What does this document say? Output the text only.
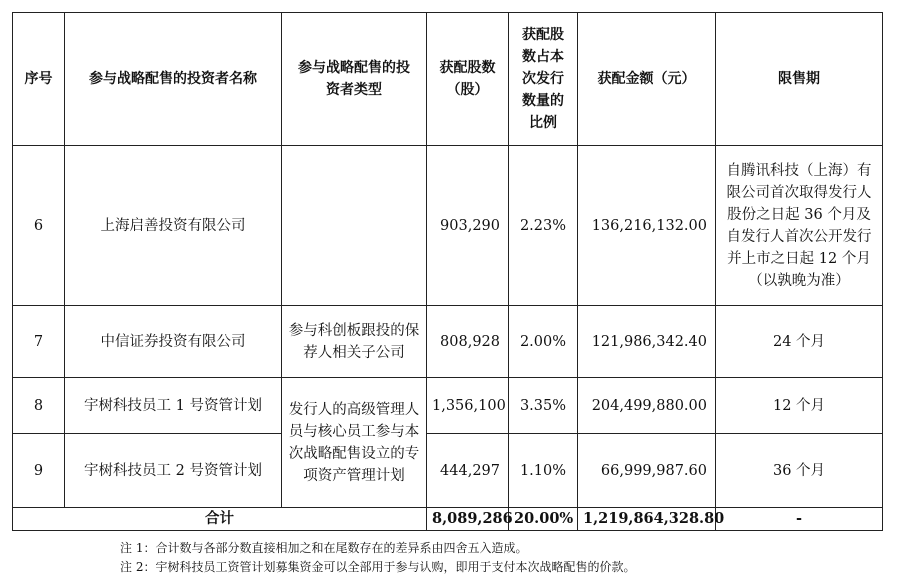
序号	参与战略配售的投资者名称	参与战略配售的投资者类型	获配股数（股）	获配股数占本次发行数量的比例	获配金额（元）	限售期
6	上海启善投资有限公司		903,290	2.23%	136,216,132.00	自腾讯科技（上海）有限公司首次取得发行人股份之日起 36 个月及自发行人首次公开发行并上市之日起 12 个月（以孰晚为准）

7	中信证券投资有限公司	参与科创板跟投的保荐人相关子公司	808,928	2.00%	121,986,342.40	24 个月
8	宇树科技员工 1 号资管计划	发行人的高级管理人员与核心员工参与本次战略配售设立的专项资产管理计划	1,356,100	3.35%	204,499,880.00	12 个月
9	宇树科技员工 2 号资管计划		444,297	1.10%	66,999,987.60	36 个月
合计			8,089,286	20.00%	1,219,864,328.80	-
注 1：合计数与各部分数直接相加之和在尾数存在的差异系由四舍五入造成。
注 2：宇树科技员工资管计划募集资金可以全部用于参与认购，即用于支付本次战略配售的价款。
